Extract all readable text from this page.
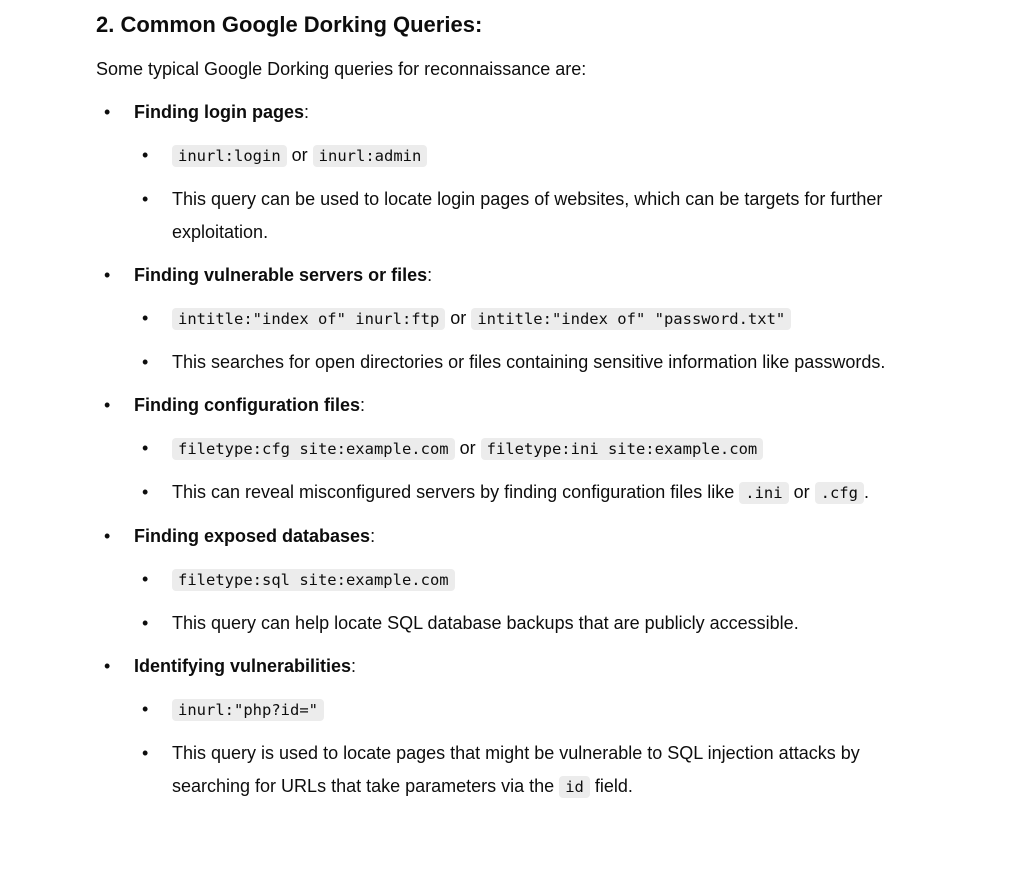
2. Common Google Dorking Queries:

Some typical Google Dorking queries for reconnaissance are:

• Finding login pages:
• inurl:login or inurl:admin
• This query can be used to locate login pages of websites, which can be targets for further exploitation.
• Finding vulnerable servers or files:
• intitle:"index of" inurl:ftp or intitle:"index of" "password.txt"
• This searches for open directories or files containing sensitive information like passwords.
• Finding configuration files:
• filetype:cfg site:example.com or filetype:ini site:example.com
• This can reveal misconfigured servers by finding configuration files like .ini or .cfg .
• Finding exposed databases:
• filetype:sql site:example.com
• This query can help locate SQL database backups that are publicly accessible.
• Identifying vulnerabilities:
• inurl:"php?id="
• This query is used to locate pages that might be vulnerable to SQL injection attacks by searching for URLs that take parameters via the id field.
